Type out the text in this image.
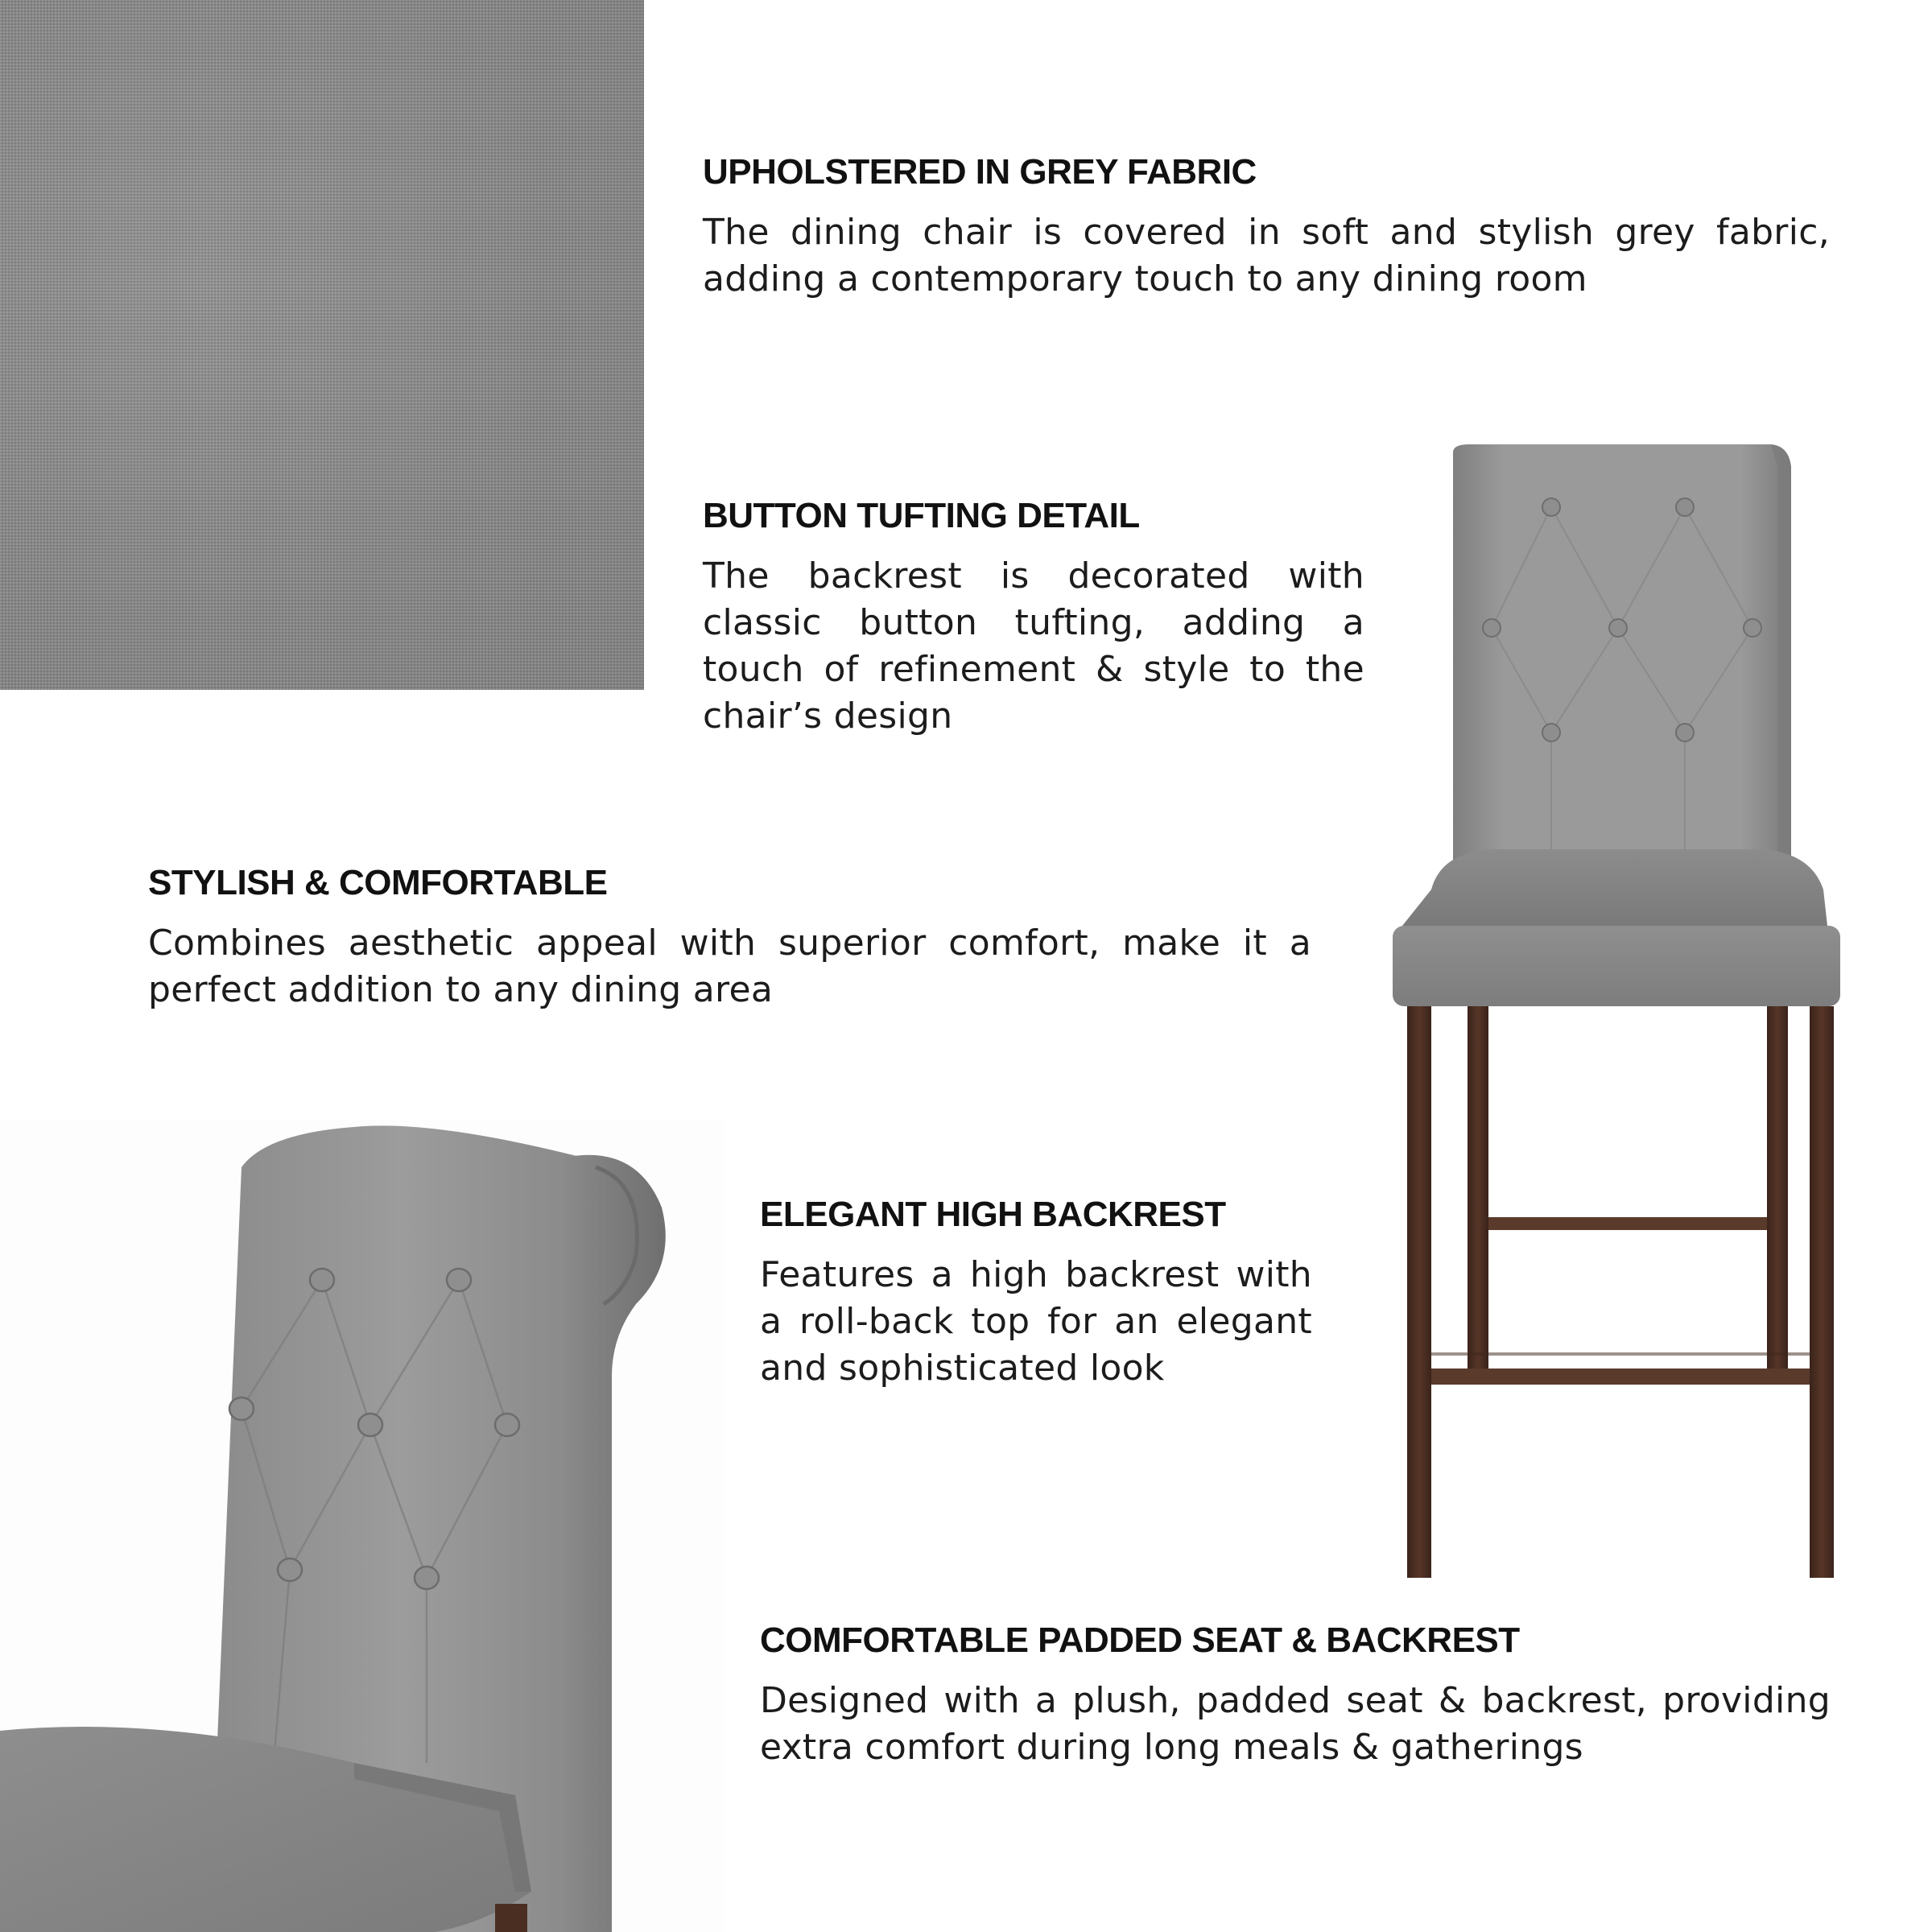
UPHOLSTERED IN GREY FABRIC

The dining chair is covered in soft and stylish grey fabric, adding a contemporary touch to any dining room

BUTTON TUFTING DETAIL

The backrest is decorated with classic button tufting, adding a touch of refinement & style to the chair’s design

STYLISH & COMFORTABLE

Combines aesthetic appeal with superior comfort, make it a perfect addition to any dining area

ELEGANT HIGH BACKREST

Features a high backrest with a roll-back top for an elegant and sophisticated look

COMFORTABLE PADDED SEAT & BACKREST

Designed with a plush, padded seat & backrest, providing extra comfort during long meals & gatherings
